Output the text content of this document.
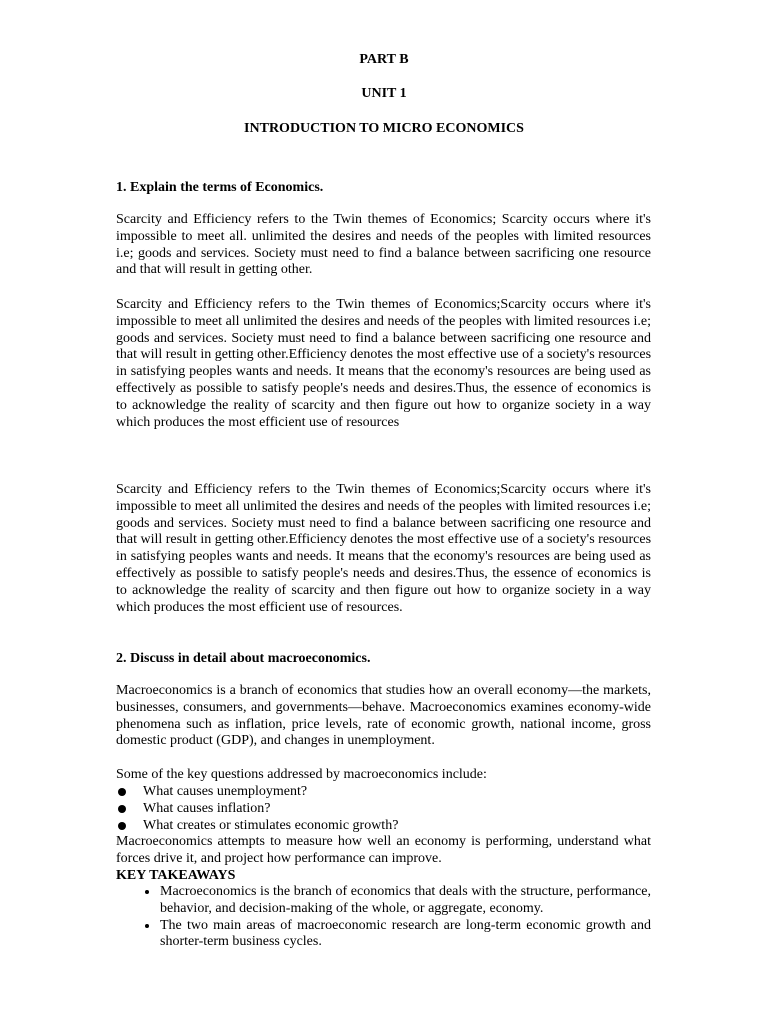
PART B
UNIT 1
INTRODUCTION TO MICRO ECONOMICS
1. Explain the terms of Economics.
Scarcity and Efficiency refers to the Twin themes of Economics; Scarcity occurs where it's impossible to meet all. unlimited the desires and needs of the peoples with limited resources i.e; goods and services. Society must need to find a balance between sacrificing one resource and that will result in getting other.
Scarcity and Efficiency refers to the Twin themes of Economics;Scarcity occurs where it's impossible to meet all unlimited the desires and needs of the peoples with limited resources i.e; goods and services. Society must need to find a balance between sacrificing one resource and that will result in getting other.Efficiency denotes the most effective use of a society's resources in satisfying peoples wants and needs. It means that the economy's resources are being used as effectively as possible to satisfy people's needs and desires.Thus, the essence of economics is to acknowledge the reality of scarcity and then figure out how to organize society in a way which produces the most efficient use of resources
Scarcity and Efficiency refers to the Twin themes of Economics;Scarcity occurs where it's impossible to meet all unlimited the desires and needs of the peoples with limited resources i.e; goods and services. Society must need to find a balance between sacrificing one resource and that will result in getting other.Efficiency denotes the most effective use of a society's resources in satisfying peoples wants and needs. It means that the economy's resources are being used as effectively as possible to satisfy people's needs and desires.Thus, the essence of economics is to acknowledge the reality of scarcity and then figure out how to organize society in a way which produces the most efficient use of resources.
2. Discuss in detail about macroeconomics.
Macroeconomics is a branch of economics that studies how an overall economy—the markets, businesses, consumers, and governments—behave. Macroeconomics examines economy-wide phenomena such as inflation, price levels, rate of economic growth, national income, gross domestic product (GDP), and changes in unemployment.
Some of the key questions addressed by macroeconomics include:
What causes unemployment?
What causes inflation?
What creates or stimulates economic growth?
Macroeconomics attempts to measure how well an economy is performing, understand what forces drive it, and project how performance can improve.
KEY TAKEAWAYS
Macroeconomics is the branch of economics that deals with the structure, performance, behavior, and decision-making of the whole, or aggregate, economy.
The two main areas of macroeconomic research are long-term economic growth and shorter-term business cycles.
